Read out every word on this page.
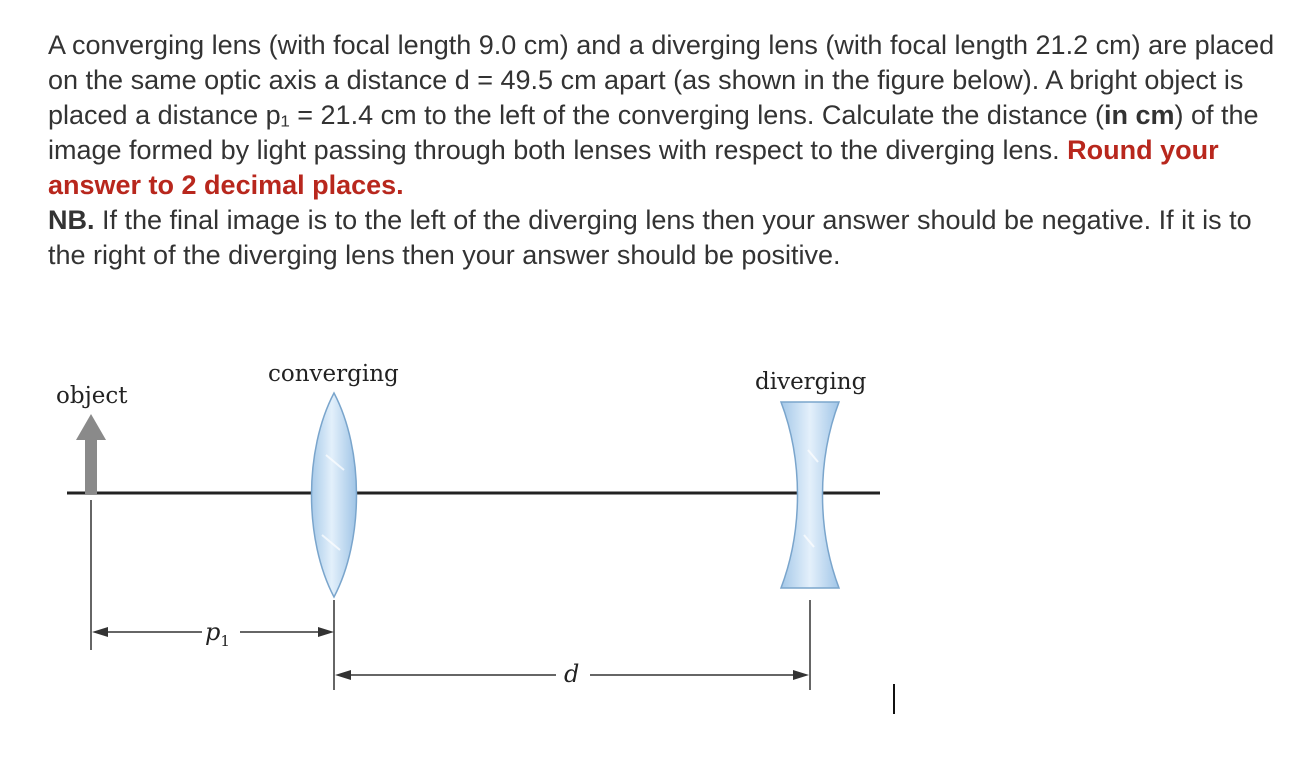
A converging lens (with focal length 9.0 cm) and a diverging lens (with focal length 21.2 cm) are placed on the same optic axis a distance d = 49.5 cm apart (as shown in the figure below). A bright object is placed a distance p₁ = 21.4 cm to the left of the converging lens. Calculate the distance (in cm) of the image formed by light passing through both lenses with respect to the diverging lens. Round your answer to 2 decimal places.

NB. If the final image is to the left of the diverging lens then your answer should be negative. If it is to the right of the diverging lens then your answer should be positive.

object
converging	diverging
p1
d
